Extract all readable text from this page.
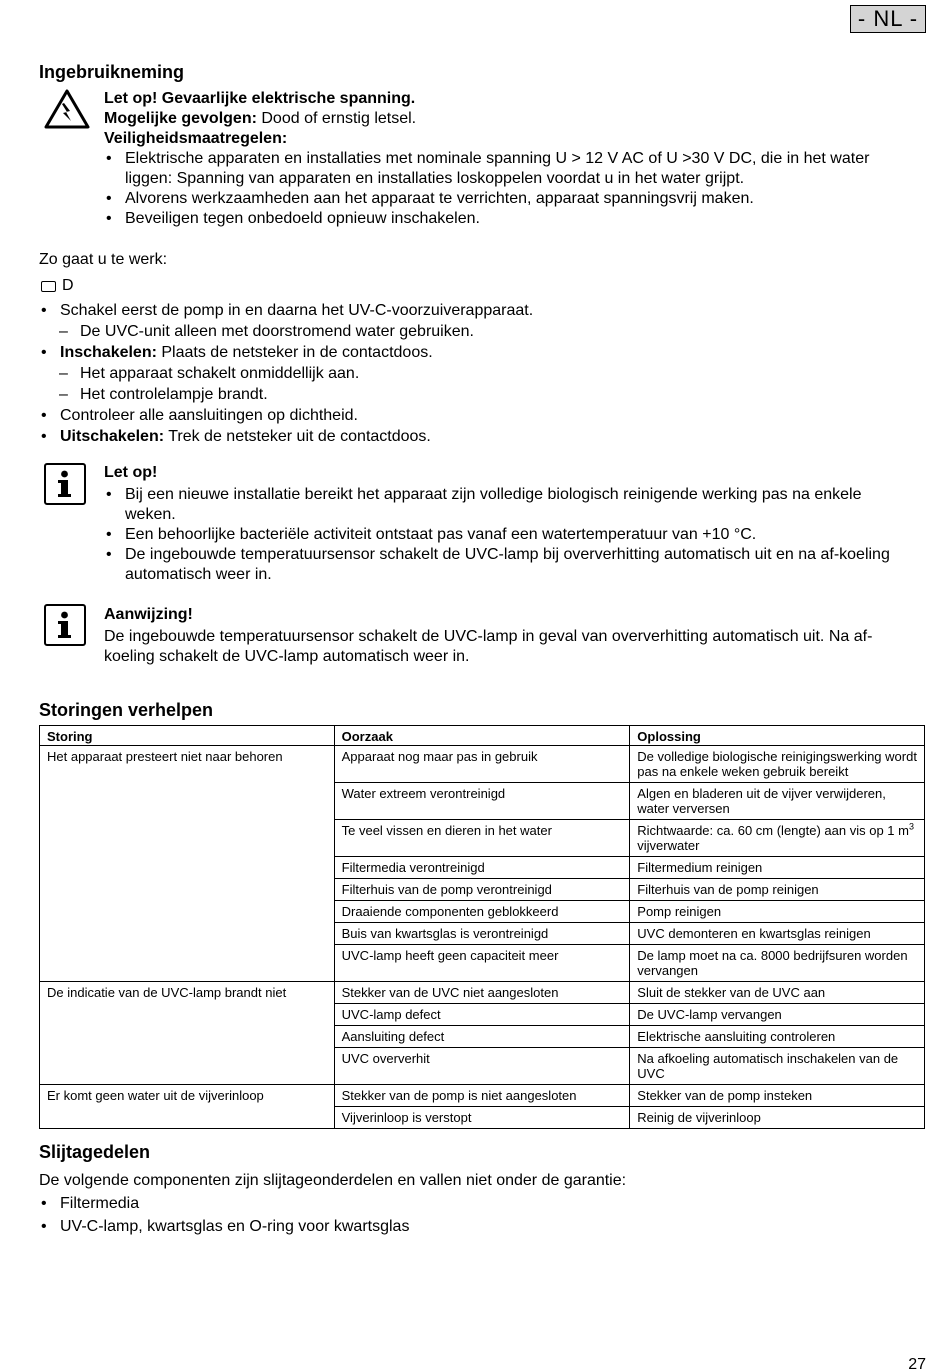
- NL -
Ingebruikneming
Let op! Gevaarlijke elektrische spanning.
Mogelijke gevolgen: Dood of ernstig letsel.
Veiligheidsmaatregelen:
• Elektrische apparaten en installaties met nominale spanning U > 12 V AC of U >30 V DC, die in het water liggen: Spanning van apparaten en installaties loskoppelen voordat u in het water grijpt.
• Alvorens werkzaamheden aan het apparaat te verrichten, apparaat spanningsvrij maken.
• Beveiligen tegen onbedoeld opnieuw inschakelen.
Zo gaat u te werk:
D
• Schakel eerst de pomp in en daarna het UV-C-voorzuiverapparaat.
– De UVC-unit alleen met doorstromend water gebruiken.
• Inschakelen: Plaats de netsteker in de contactdoos.
– Het apparaat schakelt onmiddellijk aan.
– Het controlelampje brandt.
• Controleer alle aansluitingen op dichtheid.
• Uitschakelen: Trek de netsteker uit de contactdoos.
Let op!
• Bij een nieuwe installatie bereikt het apparaat zijn volledige biologisch reinigende werking pas na enkele weken.
• Een behoorlijke bacteriële activiteit ontstaat pas vanaf een watertemperatuur van +10 °C.
• De ingebouwde temperatuursensor schakelt de UVC-lamp bij oververhitting automatisch uit en na af-koeling automatisch weer in.
Aanwijzing!
De ingebouwde temperatuursensor schakelt de UVC-lamp in geval van oververhitting automatisch uit. Na af-koeling schakelt de UVC-lamp automatisch weer in.
Storingen verhelpen
Storing	Oorzaak	Oplossing
Het apparaat presteert niet naar behoren	Apparaat nog maar pas in gebruik	De volledige biologische reinigingswerking wordt pas na enkele weken gebruik bereikt
	Water extreem verontreinigd	Algen en bladeren uit de vijver verwijderen, water verversen
	Te veel vissen en dieren in het water	Richtwaarde: ca. 60 cm (lengte) aan vis op 1 $m^3$ vijverwater
	Filtermedia verontreinigd	Filtermedium reinigen
	Filterhuis van de pomp verontreinigd	Filterhuis van de pomp reinigen
	Draaiende componenten geblokkeerd	Pomp reinigen
	Buis van kwartsglas is verontreinigd	UVC demonteren en kwartsglas reinigen
	UVC-lamp heeft geen capaciteit meer	De lamp moet na ca. 8000 bedrijfsuren worden vervangen
De indicatie van de UVC-lamp brandt niet	Stekker van de UVC niet aangesloten	Sluit de stekker van de UVC aan
	UVC-lamp defect	De UVC-lamp vervangen
	Aansluiting defect	Elektrische aansluiting controleren
	UVC oververhit	Na afkoeling automatisch inschakelen van de UVC
Er komt geen water uit de vijverinloop	Stekker van de pomp is niet aangesloten	Stekker van de pomp insteken
	Vijverinloop is verstopt	Reinig de vijverinloop
Slijtagedelen
De volgende componenten zijn slijtageonderdelen en vallen niet onder de garantie:
• Filtermedia
• UV-C-lamp, kwartsglas en O-ring voor kwartsglas
27
